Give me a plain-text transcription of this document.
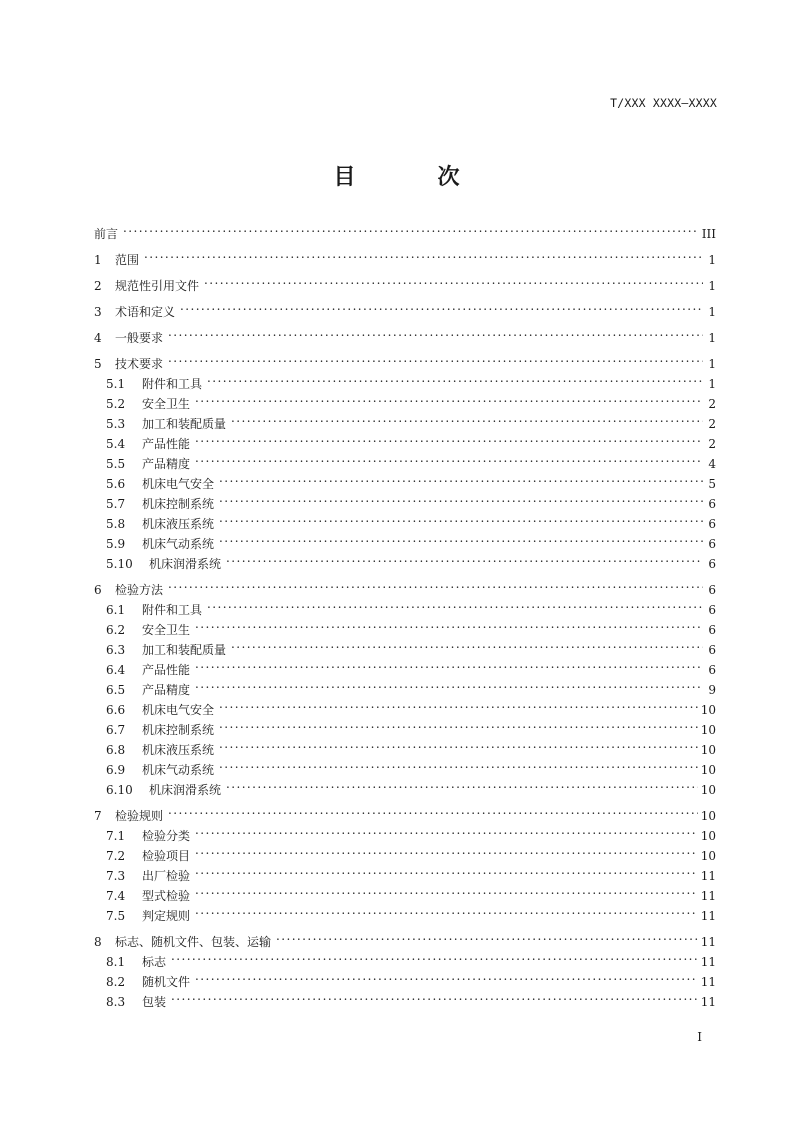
T/XXX XXXX—XXXX
目　次
前言 . . .	III
1	范围 . . .	1
2	规范性引用文件 . . .	1
3	术语和定义 . . .	1
4	一般要求 . . .	1
5	技术要求 . . .	1
5.1	附件和工具 . . .	1
5.2	安全卫生 . . .	2
5.3	加工和装配质量 . . .	2
5.4	产品性能 . . .	2
5.5	产品精度 . . .	4
5.6	机床电气安全 . . .	5
5.7	机床控制系统 . . .	6
5.8	机床液压系统 . . .	6
5.9	机床气动系统 . . .	6
5.10	机床润滑系统 . . .	6
6	检验方法 . . .	6
6.1	附件和工具 . . .	6
6.2	安全卫生 . . .	6
6.3	加工和装配质量 . . .	6
6.4	产品性能 . . .	6
6.5	产品精度 . . .	9
6.6	机床电气安全 . . .	10
6.7	机床控制系统 . . .	10
6.8	机床液压系统 . . .	10
6.9	机床气动系统 . . .	10
6.10	机床润滑系统 . . .	10
7	检验规则 . . .	10
7.1	检验分类 . . .	10
7.2	检验项目 . . .	10
7.3	出厂检验 . . .	11
7.4	型式检验 . . .	11
7.5	判定规则 . . .	11
8	标志、随机文件、包装、运输 . . .	11
8.1	标志 . . .	11
8.2	随机文件 . . .	11
8.3	包装 . . .	11
I
